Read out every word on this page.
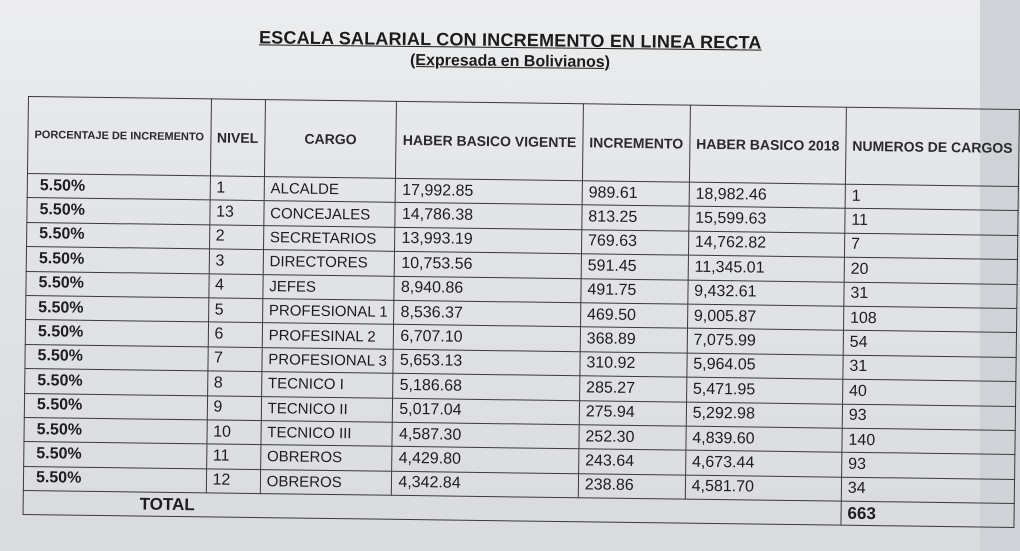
ESCALA SALARIAL CON INCREMENTO EN LINEA RECTA
(Expresada en Bolivianos)
PORCENTAJE DE INCREMENTO	NIVEL	CARGO	HABER BASICO VIGENTE	INCREMENTO	HABER BASICO 2018	NUMEROS DE CARGOS
5.50%	1	ALCALDE	17,992.85	989.61	18,982.46	1
5.50%	13	CONCEJALES	14,786.38	813.25	15,599.63	11
5.50%	2	SECRETARIOS	13,993.19	769.63	14,762.82	7
5.50%	3	DIRECTORES	10,753.56	591.45	11,345.01	20
5.50%	4	JEFES	8,940.86	491.75	9,432.61	31
5.50%	5	PROFESIONAL 1	8,536.37	469.50	9,005.87	108
5.50%	6	PROFESINAL 2	6,707.10	368.89	7,075.99	54
5.50%	7	PROFESIONAL 3	5,653.13	310.92	5,964.05	31
5.50%	8	TECNICO I	5,186.68	285.27	5,471.95	40
5.50%	9	TECNICO II	5,017.04	275.94	5,292.98	93
5.50%	10	TECNICO III	4,587.30	252.30	4,839.60	140
5.50%	11	OBREROS	4,429.80	243.64	4,673.44	93
5.50%	12	OBREROS	4,342.84	238.86	4,581.70	34
TOTAL						663
